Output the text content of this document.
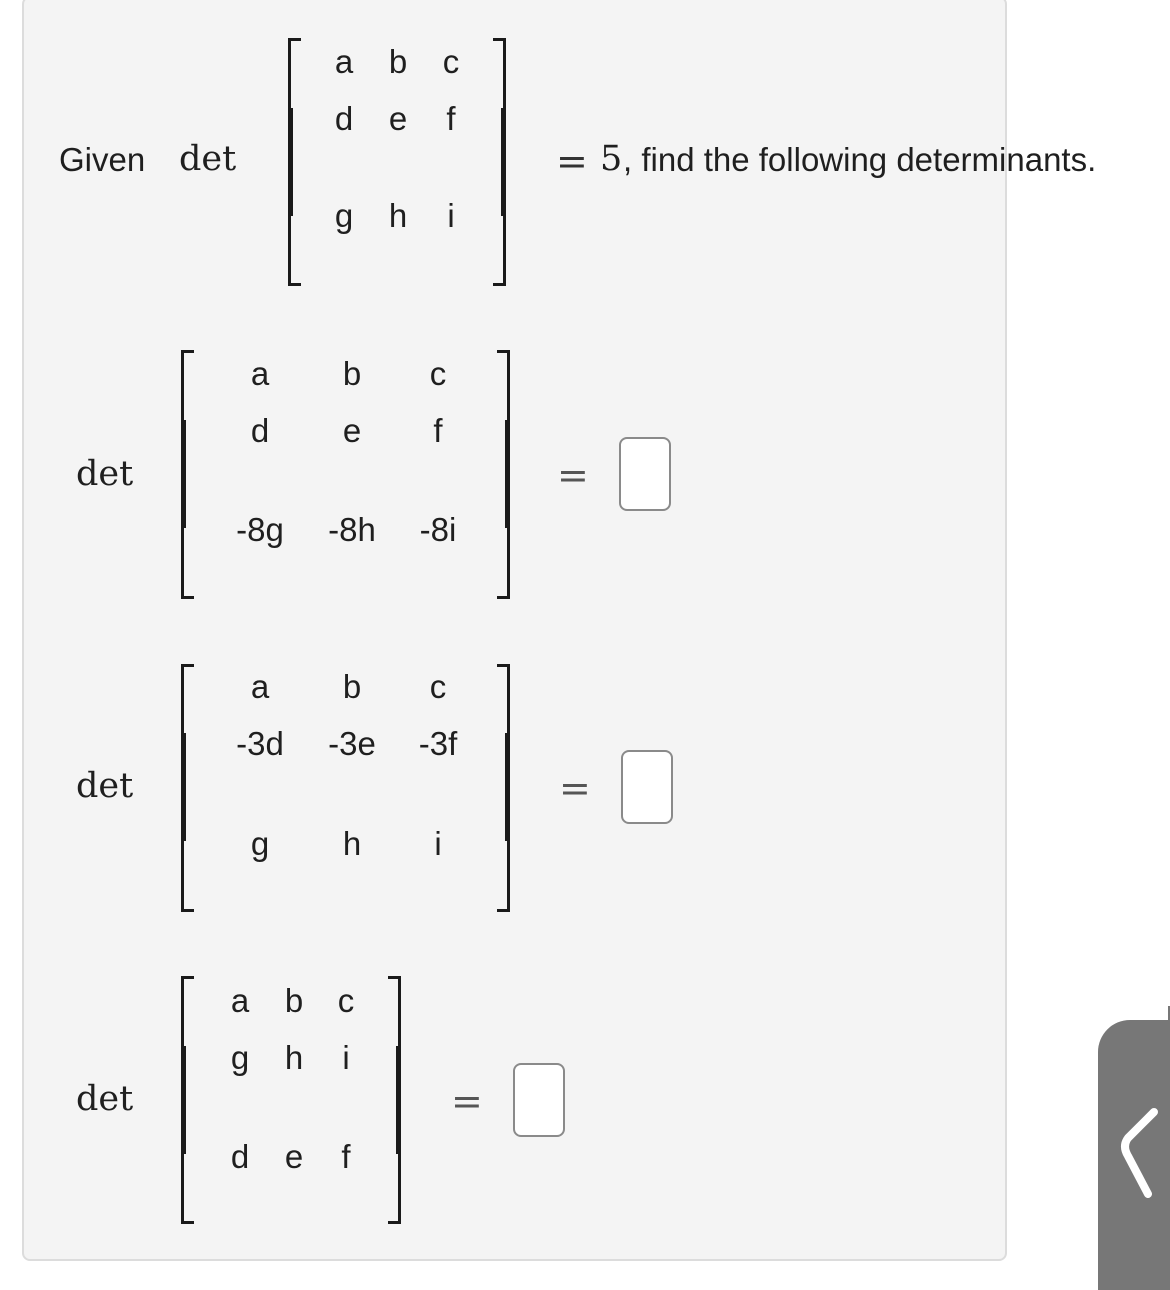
Given det
a b c
d e f
g h i
= 5 , find the following determinants.
det
a b c
d e f
-8g -8h -8i
=
det
a b c
-3d -3e -3f
g h i
=
det
a b c
g h i
d e f
=
